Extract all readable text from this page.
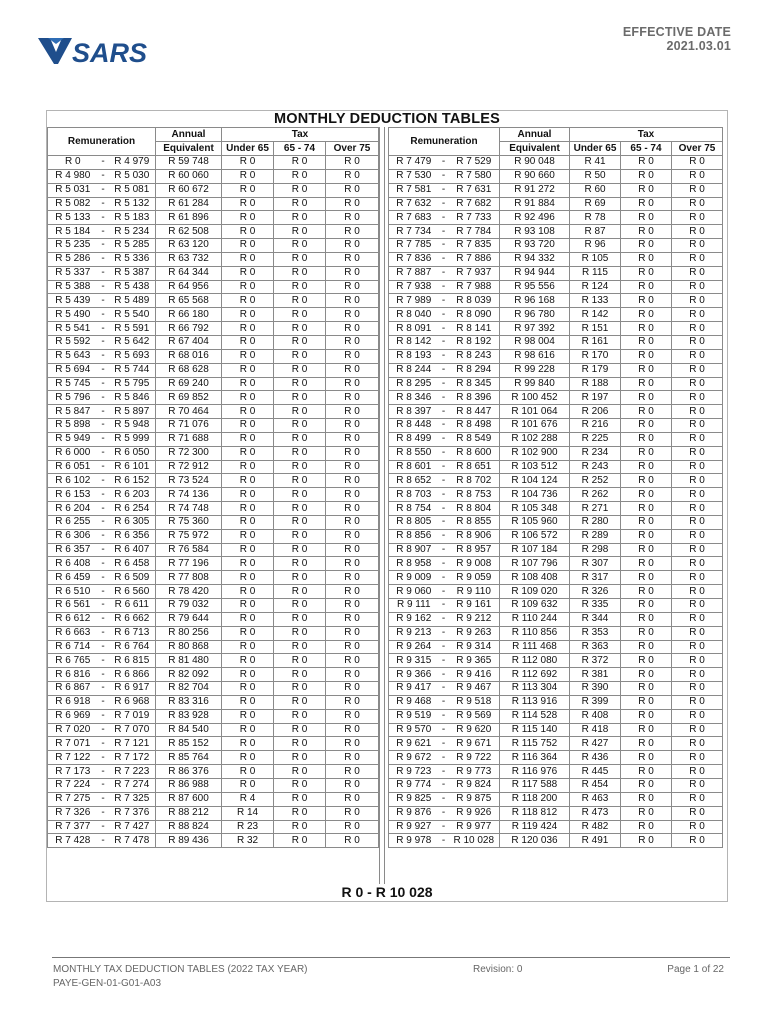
SARS
EFFECTIVE DATE
2021.03.01
MONTHLY DEDUCTION TABLES
Remuneration			Annual	Tax		
			Equivalent	Under 65	65 - 74	Over 75
R 0	-	R 4 979	R 59 748	R 0	R 0	R 0
R 4 980	-	R 5 030	R 60 060	R 0	R 0	R 0
R 5 031	-	R 5 081	R 60 672	R 0	R 0	R 0
R 5 082	-	R 5 132	R 61 284	R 0	R 0	R 0
R 5 133	-	R 5 183	R 61 896	R 0	R 0	R 0
R 5 184	-	R 5 234	R 62 508	R 0	R 0	R 0
R 5 235	-	R 5 285	R 63 120	R 0	R 0	R 0
R 5 286	-	R 5 336	R 63 732	R 0	R 0	R 0
R 5 337	-	R 5 387	R 64 344	R 0	R 0	R 0
R 5 388	-	R 5 438	R 64 956	R 0	R 0	R 0
R 5 439	-	R 5 489	R 65 568	R 0	R 0	R 0
R 5 490	-	R 5 540	R 66 180	R 0	R 0	R 0
R 5 541	-	R 5 591	R 66 792	R 0	R 0	R 0
R 5 592	-	R 5 642	R 67 404	R 0	R 0	R 0
R 5 643	-	R 5 693	R 68 016	R 0	R 0	R 0
R 5 694	-	R 5 744	R 68 628	R 0	R 0	R 0
R 5 745	-	R 5 795	R 69 240	R 0	R 0	R 0
R 5 796	-	R 5 846	R 69 852	R 0	R 0	R 0
R 5 847	-	R 5 897	R 70 464	R 0	R 0	R 0
R 5 898	-	R 5 948	R 71 076	R 0	R 0	R 0
R 5 949	-	R 5 999	R 71 688	R 0	R 0	R 0
R 6 000	-	R 6 050	R 72 300	R 0	R 0	R 0
R 6 051	-	R 6 101	R 72 912	R 0	R 0	R 0
R 6 102	-	R 6 152	R 73 524	R 0	R 0	R 0
R 6 153	-	R 6 203	R 74 136	R 0	R 0	R 0
R 6 204	-	R 6 254	R 74 748	R 0	R 0	R 0
R 6 255	-	R 6 305	R 75 360	R 0	R 0	R 0
R 6 306	-	R 6 356	R 75 972	R 0	R 0	R 0
R 6 357	-	R 6 407	R 76 584	R 0	R 0	R 0
R 6 408	-	R 6 458	R 77 196	R 0	R 0	R 0
R 6 459	-	R 6 509	R 77 808	R 0	R 0	R 0
R 6 510	-	R 6 560	R 78 420	R 0	R 0	R 0
R 6 561	-	R 6 611	R 79 032	R 0	R 0	R 0
R 6 612	-	R 6 662	R 79 644	R 0	R 0	R 0
R 6 663	-	R 6 713	R 80 256	R 0	R 0	R 0
R 6 714	-	R 6 764	R 80 868	R 0	R 0	R 0
R 6 765	-	R 6 815	R 81 480	R 0	R 0	R 0
R 6 816	-	R 6 866	R 82 092	R 0	R 0	R 0
R 6 867	-	R 6 917	R 82 704	R 0	R 0	R 0
R 6 918	-	R 6 968	R 83 316	R 0	R 0	R 0
R 6 969	-	R 7 019	R 83 928	R 0	R 0	R 0
R 7 020	-	R 7 070	R 84 540	R 0	R 0	R 0
R 7 071	-	R 7 121	R 85 152	R 0	R 0	R 0
R 7 122	-	R 7 172	R 85 764	R 0	R 0	R 0
R 7 173	-	R 7 223	R 86 376	R 0	R 0	R 0
R 7 224	-	R 7 274	R 86 988	R 0	R 0	R 0
R 7 275	-	R 7 325	R 87 600	R 4	R 0	R 0
R 7 326	-	R 7 376	R 88 212	R 14	R 0	R 0
R 7 377	-	R 7 427	R 88 824	R 23	R 0	R 0
R 7 428	-	R 7 478	R 89 436	R 32	R 0	R 0
Remuneration			Annual	Tax		
			Equivalent	Under 65	65 - 74	Over 75
R 7 479	-	R 7 529	R 90 048	R 41	R 0	R 0
R 7 530	-	R 7 580	R 90 660	R 50	R 0	R 0
R 7 581	-	R 7 631	R 91 272	R 60	R 0	R 0
R 7 632	-	R 7 682	R 91 884	R 69	R 0	R 0
R 7 683	-	R 7 733	R 92 496	R 78	R 0	R 0
R 7 734	-	R 7 784	R 93 108	R 87	R 0	R 0
R 7 785	-	R 7 835	R 93 720	R 96	R 0	R 0
R 7 836	-	R 7 886	R 94 332	R 105	R 0	R 0
R 7 887	-	R 7 937	R 94 944	R 115	R 0	R 0
R 7 938	-	R 7 988	R 95 556	R 124	R 0	R 0
R 7 989	-	R 8 039	R 96 168	R 133	R 0	R 0
R 8 040	-	R 8 090	R 96 780	R 142	R 0	R 0
R 8 091	-	R 8 141	R 97 392	R 151	R 0	R 0
R 8 142	-	R 8 192	R 98 004	R 161	R 0	R 0
R 8 193	-	R 8 243	R 98 616	R 170	R 0	R 0
R 8 244	-	R 8 294	R 99 228	R 179	R 0	R 0
R 8 295	-	R 8 345	R 99 840	R 188	R 0	R 0
R 8 346	-	R 8 396	R 100 452	R 197	R 0	R 0
R 8 397	-	R 8 447	R 101 064	R 206	R 0	R 0
R 8 448	-	R 8 498	R 101 676	R 216	R 0	R 0
R 8 499	-	R 8 549	R 102 288	R 225	R 0	R 0
R 8 550	-	R 8 600	R 102 900	R 234	R 0	R 0
R 8 601	-	R 8 651	R 103 512	R 243	R 0	R 0
R 8 652	-	R 8 702	R 104 124	R 252	R 0	R 0
R 8 703	-	R 8 753	R 104 736	R 262	R 0	R 0
R 8 754	-	R 8 804	R 105 348	R 271	R 0	R 0
R 8 805	-	R 8 855	R 105 960	R 280	R 0	R 0
R 8 856	-	R 8 906	R 106 572	R 289	R 0	R 0
R 8 907	-	R 8 957	R 107 184	R 298	R 0	R 0
R 8 958	-	R 9 008	R 107 796	R 307	R 0	R 0
R 9 009	-	R 9 059	R 108 408	R 317	R 0	R 0
R 9 060	-	R 9 110	R 109 020	R 326	R 0	R 0
R 9 111	-	R 9 161	R 109 632	R 335	R 0	R 0
R 9 162	-	R 9 212	R 110 244	R 344	R 0	R 0
R 9 213	-	R 9 263	R 110 856	R 353	R 0	R 0
R 9 264	-	R 9 314	R 111 468	R 363	R 0	R 0
R 9 315	-	R 9 365	R 112 080	R 372	R 0	R 0
R 9 366	-	R 9 416	R 112 692	R 381	R 0	R 0
R 9 417	-	R 9 467	R 113 304	R 390	R 0	R 0
R 9 468	-	R 9 518	R 113 916	R 399	R 0	R 0
R 9 519	-	R 9 569	R 114 528	R 408	R 0	R 0
R 9 570	-	R 9 620	R 115 140	R 418	R 0	R 0
R 9 621	-	R 9 671	R 115 752	R 427	R 0	R 0
R 9 672	-	R 9 722	R 116 364	R 436	R 0	R 0
R 9 723	-	R 9 773	R 116 976	R 445	R 0	R 0
R 9 774	-	R 9 824	R 117 588	R 454	R 0	R 0
R 9 825	-	R 9 875	R 118 200	R 463	R 0	R 0
R 9 876	-	R 9 926	R 118 812	R 473	R 0	R 0
R 9 927	-	R 9 977	R 119 424	R 482	R 0	R 0
R 9 978	-	R 10 028	R 120 036	R 491	R 0	R 0
R 0 - R 10 028
MONTHLY TAX DEDUCTION TABLES (2022 TAX YEAR)
PAYE-GEN-01-G01-A03
Revision: 0	Page 1 of 22
